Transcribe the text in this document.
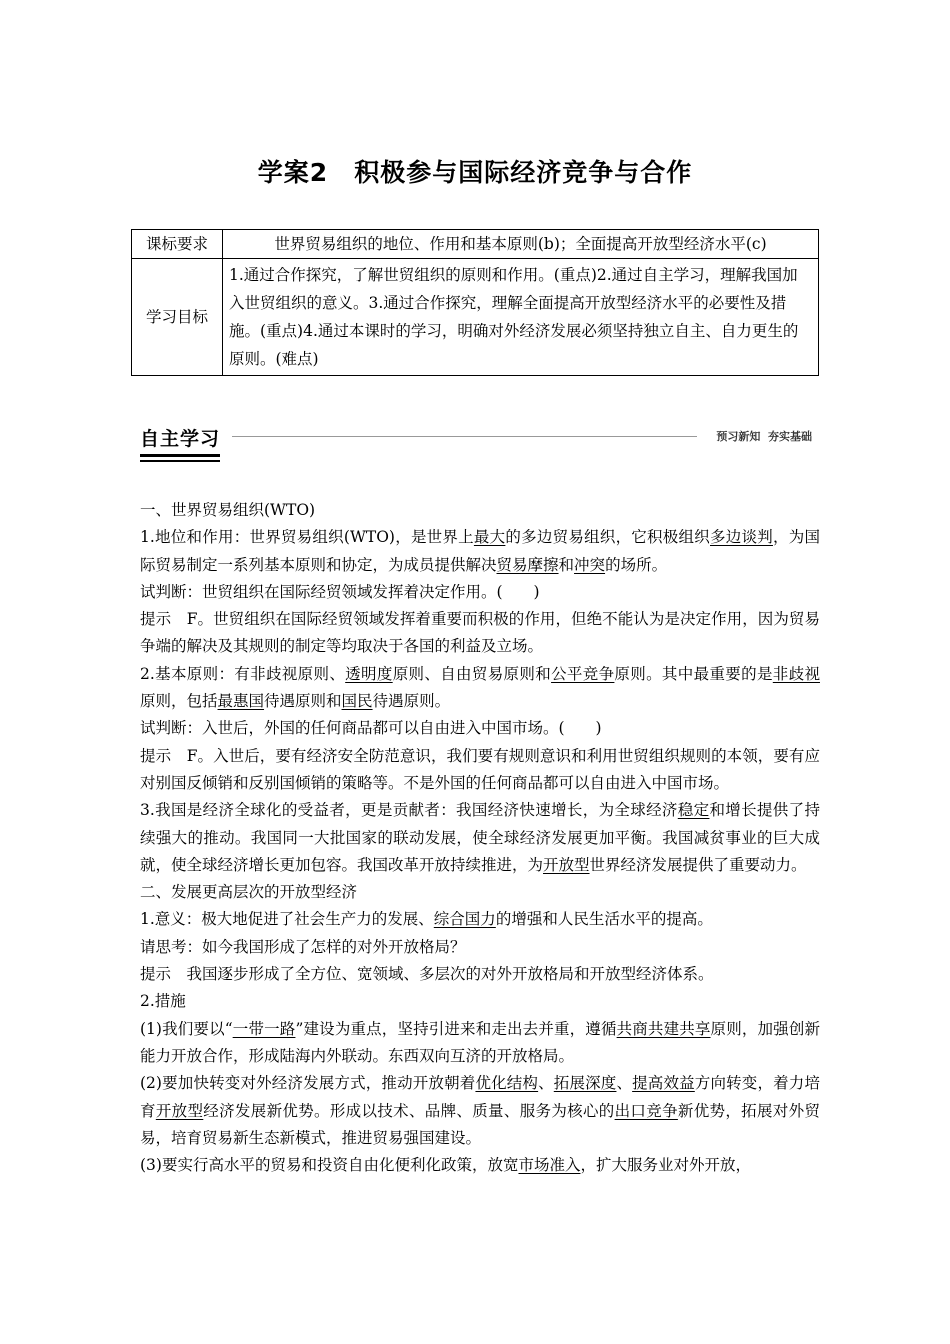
学案2　积极参与国际经济竞争与合作
课标要求	世界贸易组织的地位、作用和基本原则(b)；全面提高开放型经济水平(c)
学习目标	1.通过合作探究，了解世贸组织的原则和作用。(重点)2.通过自主学习，理解我国加入世贸组织的意义。3.通过合作探究，理解全面提高开放型经济水平的必要性及措施。(重点)4.通过本课时的学习，明确对外经济发展必须坚持独立自主、自力更生的原则。(难点)
自主学习	预习新知  夯实基础

一、世界贸易组织(WTO)

1.地位和作用：世界贸易组织(WTO)，是世界上最大的多边贸易组织，它积极组织多边谈判，为国际贸易制定一系列基本原则和协定，为成员提供解决贸易摩擦和冲突的场所。

试判断：世贸组织在国际经贸领域发挥着决定作用。(　　)

提示　F。世贸组织在国际经贸领域发挥着重要而积极的作用，但绝不能认为是决定作用，因为贸易争端的解决及其规则的制定等均取决于各国的利益及立场。

2.基本原则：有非歧视原则、透明度原则、自由贸易原则和公平竞争原则。其中最重要的是非歧视原则，包括最惠国待遇原则和国民待遇原则。

试判断：入世后，外国的任何商品都可以自由进入中国市场。(　　)

提示　F。入世后，要有经济安全防范意识，我们要有规则意识和利用世贸组织规则的本领，要有应对别国反倾销和反别国倾销的策略等。不是外国的任何商品都可以自由进入中国市场。

3.我国是经济全球化的受益者，更是贡献者：我国经济快速增长，为全球经济稳定和增长提供了持续强大的推动。我国同一大批国家的联动发展，使全球经济发展更加平衡。我国减贫事业的巨大成就，使全球经济增长更加包容。我国改革开放持续推进，为开放型世界经济发展提供了重要动力。

二、发展更高层次的开放型经济

1.意义：极大地促进了社会生产力的发展、综合国力的增强和人民生活水平的提高。

请思考：如今我国形成了怎样的对外开放格局？

提示　我国逐步形成了全方位、宽领域、多层次的对外开放格局和开放型经济体系。

2.措施

(1)我们要以“一带一路”建设为重点，坚持引进来和走出去并重，遵循共商共建共享原则，加强创新能力开放合作，形成陆海内外联动。东西双向互济的开放格局。

(2)要加快转变对外经济发展方式，推动开放朝着优化结构、拓展深度、提高效益方向转变，着力培育开放型经济发展新优势。形成以技术、品牌、质量、服务为核心的出口竞争新优势，拓展对外贸易，培育贸易新生态新模式，推进贸易强国建设。

(3)要实行高水平的贸易和投资自由化便利化政策，放宽市场准入，扩大服务业对外开放，
